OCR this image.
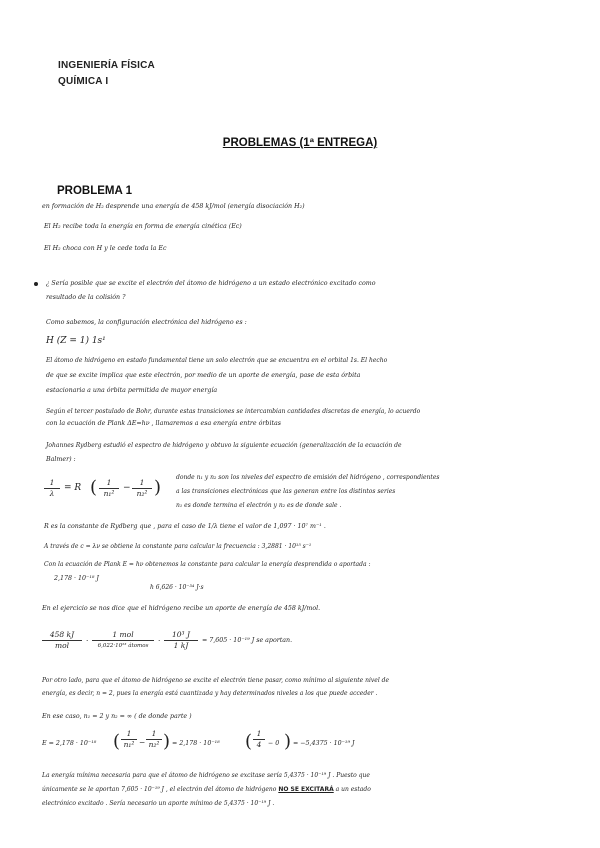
INGENIERÍA FÍSICA
QUÍMICA I
PROBLEMAS (1ª ENTREGA)
PROBLEMA 1
en formación de H₂ desprende una energía de 458 kJ/mol (energía disociación H₂)
El H₂ recibe toda la energía en forma de energía cinética (Ec)
El H₂ choca con H y le cede toda la Ec
¿ Sería posible que se excite el electrón del átomo de hidrógeno a un estado electrónico excitado como
resultado de la colisión ?
Como sabemos, la configuración electrónica del hidrógeno es :
H (Z = 1) 1s¹
El átomo de hidrógeno en estado fundamental tiene un solo electrón que se encuentra en el orbital 1s. El hecho
de que se excite implica que este electrón, por medio de un aporte de energía, pase de esta órbita
estacionaria a una órbita permitida de mayor energía
Según el tercer postulado de Bohr, durante estas transiciones se intercambian cantidades discretas de energía, lo acuerdo
con la ecuación de Plank ΔE=hν , llamaremos a esa energía entre órbitas
Johannes Rydberg estudió el espectro de hidrógeno y obtuvo la siguiente ecuación (generalización de la ecuación de
Balmer) :
$\frac{1}{\lambda} = R$ ( $\frac{1}{\text{n₁²}} - \frac{1}{\text{n₂²}}$ ) donde n₁ y n₂ son los niveles del espectro de emisión del hidrógeno , correspondientes
a las transiciones electrónicas que las generan entre los distintos series
n₁ es donde termina el electrón y n₂ es de donde sale .
R es la constante de Rydberg que , para el caso de 1/λ tiene el valor de 1,097 · 10⁷ m⁻¹ .
A través de c = λν se obtiene la constante para calcular la frecuencia : 3,2881 · 10¹⁵ s⁻¹
Con la ecuación de Plank E = hν obtenemos la constante para calcular la energía desprendida o aportada :
2,178 · 10⁻¹⁸ J
h 6,626 · 10⁻³⁴ J·s
En el ejercicio se nos dice que el hidrógeno recibe un aporte de energía de 458 kJ/mol.
458 kJ
mol
·
1 mol
6,022·10²³ átomos
· $\frac{\text{10³ J}}{1 kJ} = 7,605 \cdot 10^{-19}$ J se aportan.
Por otro lado, para que el átomo de hidrógeno se excite el electrón tiene pasar, como mínimo al siguiente nivel de
energía, es decir, n = 2, pues la energía está cuantizada y hay determinados niveles a los que puede acceder .
En ese caso, n₁ = 2 y n₂ = ∞ ( de donde parte )
E = 2,178 · 10⁻¹⁸ ( $\frac{1}{\text{n₁²}} - \frac{1}{\text{n₂²}}$ ) = 2,178 · 10⁻¹⁸ ( $\frac{1}{4} - 0$ ) = −5,4375 · 10⁻¹⁹ J
La energía mínima necesaria para que el átomo de hidrógeno se excitase sería 5,4375 · 10⁻¹⁹ J . Puesto que
únicamente se le aportan 7,605 · 10⁻¹⁹ J , el electrón del átomo de hidrógeno NO SE EXCITARÁ a un estado
electrónico excitado . Sería necesario un aporte mínimo de 5,4375 · 10⁻¹⁹ J .
